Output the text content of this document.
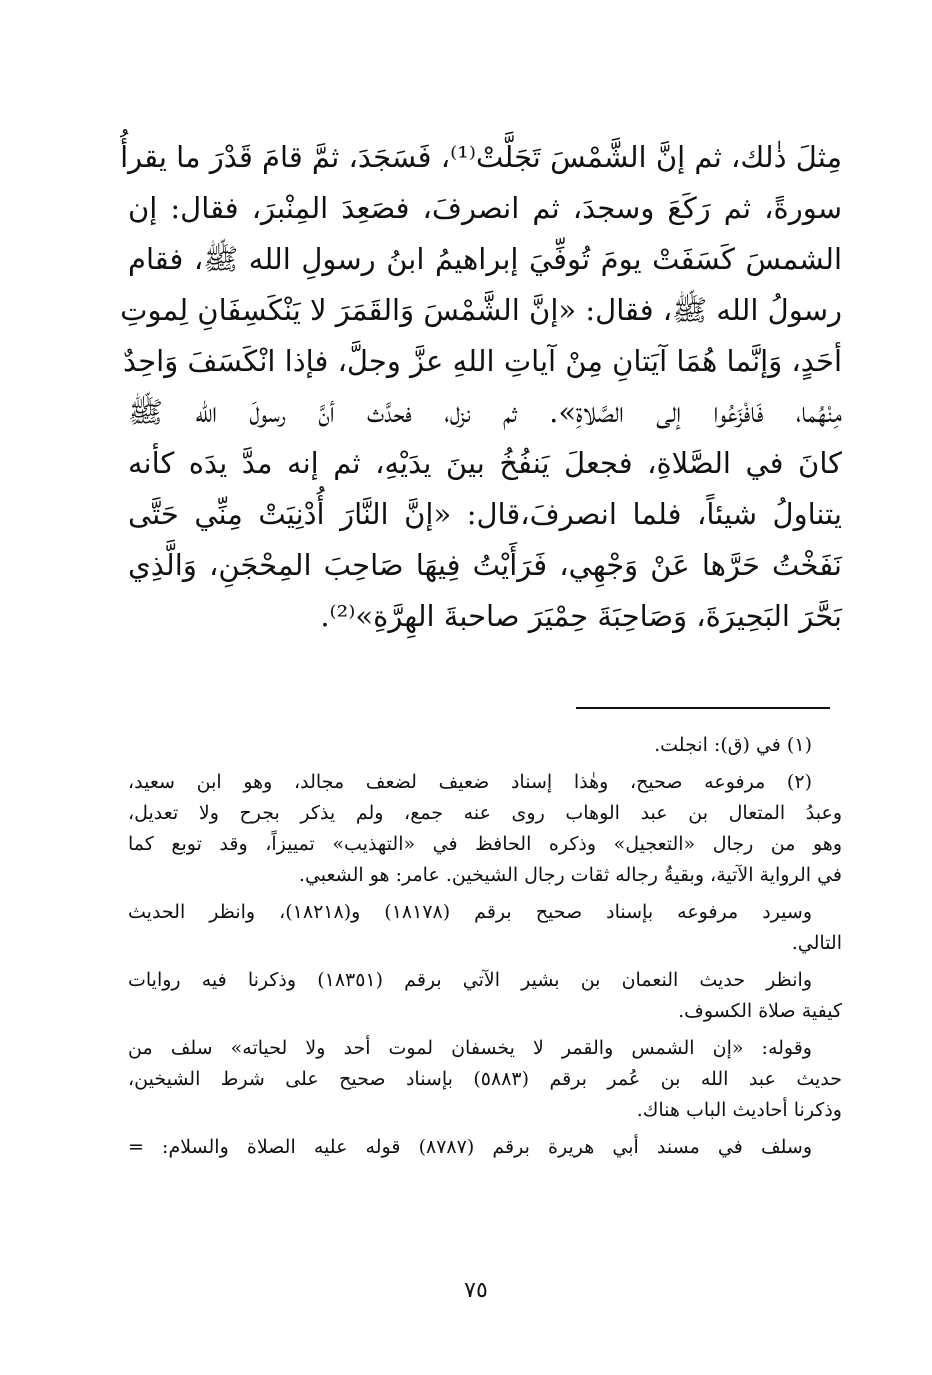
مِثلَ ذٰلك، ثم إنَّ الشَّمْسَ تَجَلَّتْ⁽¹⁾، فَسَجَدَ، ثمَّ قامَ قَدْرَ ما يقرأُ
سورةً، ثم رَكَعَ وسجدَ، ثم انصرفَ، فصَعِدَ المِنْبرَ، فقال: إن
الشمسَ كَسَفَتْ يومَ تُوفِّيَ إبراهيمُ ابنُ رسولِ الله ﷺ، فقام
رسولُ الله ﷺ، فقال: «إنَّ الشَّمْسَ وَالقَمَرَ لا يَنْكَسِفَانِ لِموتِ
أحَدٍ، وَإنَّما هُمَا آيَتانِ مِنْ آياتِ اللهِ عزَّ وجلَّ، فإذا انْكَسَفَ وَاحِدٌ
مِنْهُما، فَافْزَعُوا إلى الصَّلاةِ». ثم نزل، فحدَّث أنَّ رسولَ الله ﷺ
كانَ في الصَّلاةِ، فجعلَ يَنفُخُ بينَ يدَيْهِ، ثم إنه مدَّ يدَه كأنه
يتناولُ شيئاً، فلما انصرفَ،قال: «إنَّ النَّارَ أُدْنِيَتْ مِنِّي حَتَّى
نَفَخْتُ حَرَّها عَنْ وَجْهِي، فَرَأَيْتُ فِيهَا صَاحِبَ المِحْجَنِ، وَالَّذِي
بَحَّرَ البَحِيرَةَ، وَصَاحِبَةَ حِمْيَرَ صاحبةَ الهِرَّةِ»⁽²⁾.
(١) في (ق): انجلت.
(٢) مرفوعه صحيح، وهٰذا إسناد ضعيف لضعف مجالد، وهو ابن سعيد،
وعبدُ المتعال بن عبد الوهاب روى عنه جمع، ولم يذكر بجرح ولا تعديل،
وهو من رجال «التعجيل» وذكره الحافظ في «التهذيب» تمييزاً، وقد توبع كما
في الرواية الآتية، وبقيةُ رجاله ثقات رجال الشيخين. عامر: هو الشعبي.
وسيرد مرفوعه بإسناد صحيح برقم (١٨١٧٨) و(١٨٢١٨)، وانظر الحديث
التالي.
وانظر حديث النعمان بن بشير الآتي برقم (١٨٣٥١) وذكرنا فيه روايات
كيفية صلاة الكسوف.
وقوله: «إن الشمس والقمر لا يخسفان لموت أحد ولا لحياته» سلف من
حديث عبد الله بن عُمر برقم (٥٨٨٣) بإسناد صحيح على شرط الشيخين،
وذكرنا أحاديث الباب هناك.
وسلف في مسند أبي هريرة برقم (٨٧٨٧) قوله عليه الصلاة والسلام: =
٧٥
